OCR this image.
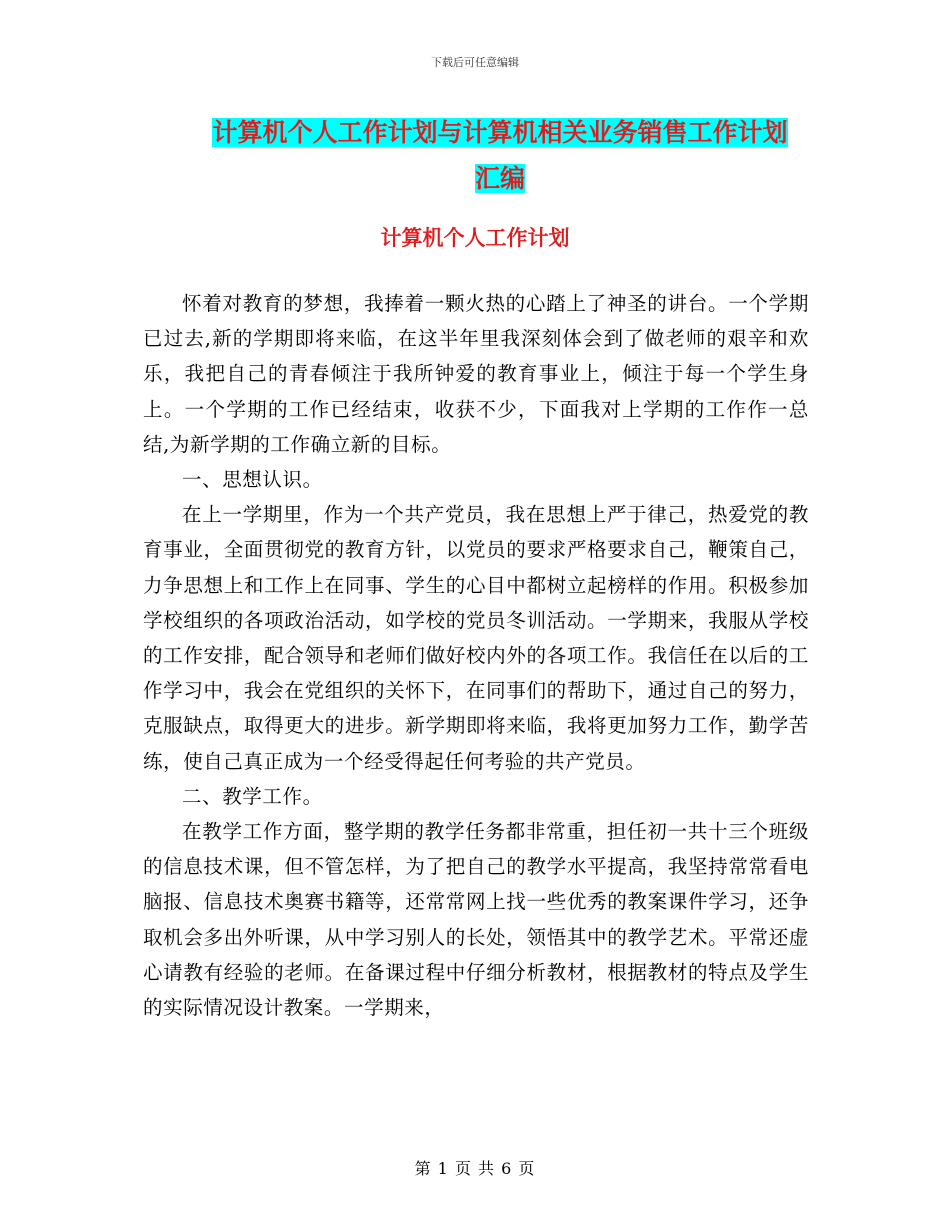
下载后可任意编辑
计算机个人工作计划与计算机相关业务销售工作计划
汇编
计算机个人工作计划

怀着对教育的梦想，我捧着一颗火热的心踏上了神圣的讲台。一个学期已过去,新的学期即将来临，在这半年里我深刻体会到了做老师的艰辛和欢乐，我把自己的青春倾注于我所钟爱的教育事业上，倾注于每一个学生身上。一个学期的工作已经结束，收获不少，下面我对上学期的工作作一总结,为新学期的工作确立新的目标。

一、思想认识。

在上一学期里，作为一个共产党员，我在思想上严于律己，热爱党的教育事业，全面贯彻党的教育方针，以党员的要求严格要求自己，鞭策自己，力争思想上和工作上在同事、学生的心目中都树立起榜样的作用。积极参加学校组织的各项政治活动，如学校的党员冬训活动。一学期来，我服从学校的工作安排，配合领导和老师们做好校内外的各项工作。我信任在以后的工作学习中，我会在党组织的关怀下，在同事们的帮助下，通过自己的努力，克服缺点，取得更大的进步。新学期即将来临，我将更加努力工作，勤学苦练，使自己真正成为一个经受得起任何考验的共产党员。

二、教学工作。

在教学工作方面，整学期的教学任务都非常重，担任初一共十三个班级的信息技术课，但不管怎样，为了把自己的教学水平提高，我坚持常常看电脑报、信息技术奥赛书籍等，还常常网上找一些优秀的教案课件学习，还争取机会多出外听课，从中学习别人的长处，领悟其中的教学艺术。平常还虚心请教有经验的老师。在备课过程中仔细分析教材，根据教材的特点及学生的实际情况设计教案。一学期来，

第 1 页 共 6 页
